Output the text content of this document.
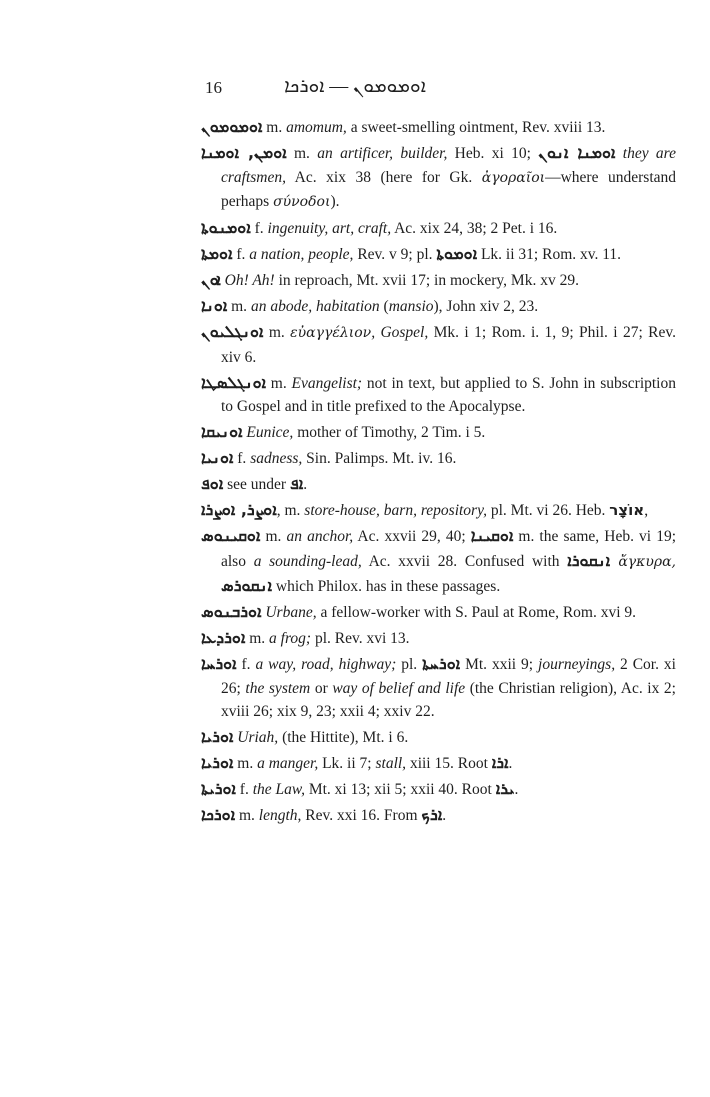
16	ܐܘܡܘܡܘܢ — ܐܘܪܟܐ

ܐܘܡܘܡܘܢ m. amomum, a sweet-smelling ointment, Rev. xviii 13.

ܐܘܡܢ, ܐܘܡܢܐ m. an artificer, builder, Heb. xi 10; ܐܘܡܢܐ ܐܢܘܢ they are craftsmen, Ac. xix 38 (here for Gk. ἀγοραῖοι—where understand perhaps σύνοδοι).

ܐܘܡܢܘܬܐ f. ingenuity, art, craft, Ac. xix 24, 38; 2 Pet. i 16.

ܐܘܡܬܐ f. a nation, people, Rev. v 9; pl. ܐܘܡܘܬܐ Lk. ii 31; Rom. xv. 11.

ܐܘܢ Oh! Ah! in reproach, Mt. xvii 17; in mockery, Mk. xv 29.

ܐܘܢܐ m. an abode, habitation (mansio), John xiv 2, 23.

ܐܘܢܓܠܝܘܢ m. εὐαγγέλιον, Gospel, Mk. i 1; Rom. i. 1, 9; Phil. i 27; Rev. xiv 6.

ܐܘܢܓܠܣܛܐ m. Evangelist; not in text, but applied to S. John in subscription to Gospel and in title prefixed to the Apocalypse.

ܐܘܢܝܩܐ Eunice, mother of Timothy, 2 Tim. i 5.

ܐܘܢܝܐ f. sadness, Sin. Palimps. Mt. iv. 16.

ܐܘܦ see under ܐܦ.

ܐܘܨܪ, ܐܘܨܪܐ, m. store-house, barn, repository, pl. Mt. vi 26. Heb. אוֹצָר,

ܐܘܩܝܢܘܣ m. an anchor, Ac. xxvii 29, 40; ܐܘܩܝܢܐ m. the same, Heb. vi 19; also a sounding-lead, Ac. xxvii 28. Confused with ܐܢܩܘܪܐ ἄγκυρα, ܐܢܩܘܪܣ which Philox. has in these passages.

ܐܘܪܒܢܘܣ Urbane, a fellow-worker with S. Paul at Rome, Rom. xvi 9.

ܐܘܪܕܥܐ m. a frog; pl. Rev. xvi 13.

ܐܘܪܚܐ f. a way, road, highway; pl. ܐܘܪܚܬܐ Mt. xxii 9; journeyings, 2 Cor. xi 26; the system or way of belief and life (the Christian religion), Ac. ix 2; xviii 26; xix 9, 23; xxii 4; xxiv 22.

ܐܘܪܝܐ Uriah, (the Hittite), Mt. i 6.

ܐܘܪܝܐ m. a manger, Lk. ii 7; stall, xiii 15. Root ܐܪܐ.

ܐܘܪܝܬܐ f. the Law, Mt. xi 13; xii 5; xxii 40. Root ܝܪܐ.

ܐܘܪܟܐ m. length, Rev. xxi 16. From ܐܪܟ.
